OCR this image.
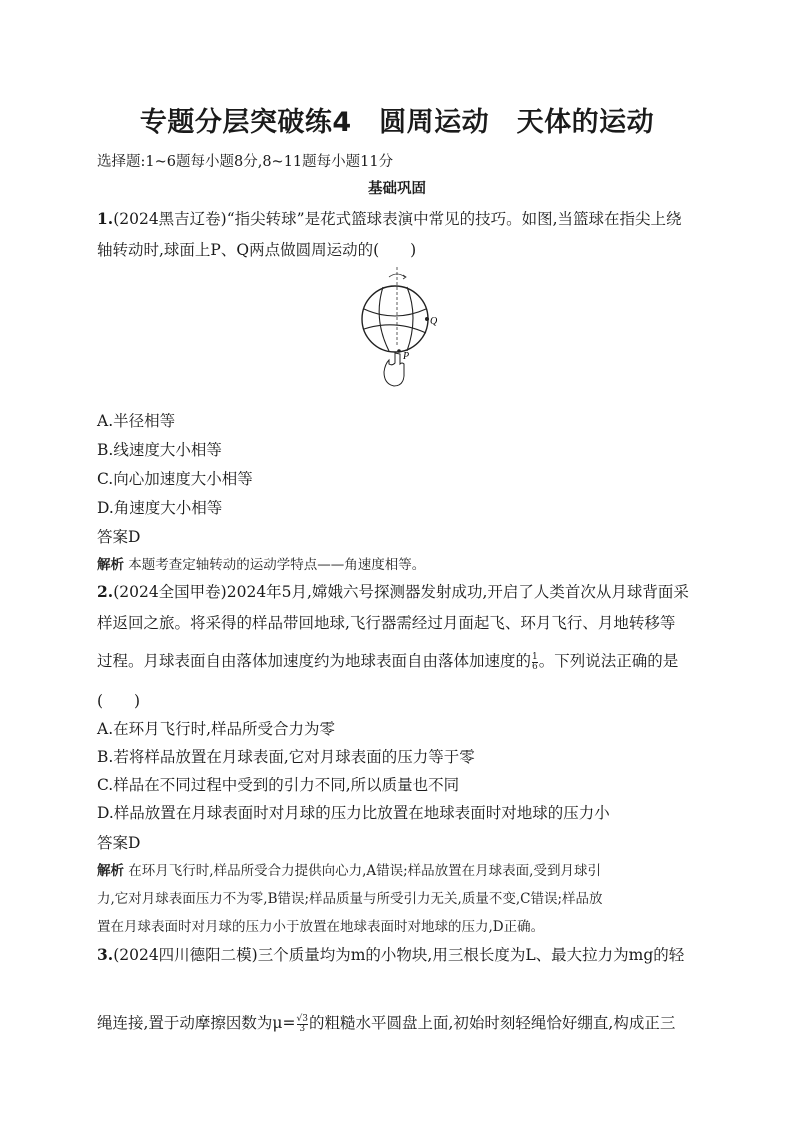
专题分层突破练4　圆周运动　天体的运动
选择题:1~6题每小题8分,8~11题每小题11分
基础巩固
1.(2024黑吉辽卷)“指尖转球”是花式篮球表演中常见的技巧。如图,当篮球在指尖上绕
轴转动时,球面上P、Q两点做圆周运动的(　　)
Q
P
A.半径相等
B.线速度大小相等
C.向心加速度大小相等
D.角速度大小相等
答案D
解析 本题考查定轴转动的运动学特点——角速度相等。
2.(2024全国甲卷)2024年5月,嫦娥六号探测器发射成功,开启了人类首次从月球背面采
样返回之旅。将采得的样品带回地球,飞行器需经过月面起飞、环月飞行、月地转移等
过程。月球表面自由落体加速度约为地球表面自由落体加速度的 $\frac{1}{6}$ 。下列说法正确的是
(　　)
A.在环月飞行时,样品所受合力为零
B.若将样品放置在月球表面,它对月球表面的压力等于零
C.样品在不同过程中受到的引力不同,所以质量也不同
D.样品放置在月球表面时对月球的压力比放置在地球表面时对地球的压力小
答案D
解析 在环月飞行时,样品所受合力提供向心力,A错误;样品放置在月球表面,受到月球引
力,它对月球表面压力不为零,B错误;样品质量与所受引力无关,质量不变,C错误;样品放
置在月球表面时对月球的压力小于放置在地球表面时对地球的压力,D正确。
3.(2024四川德阳二模)三个质量均为m的小物块,用三根长度为L、最大拉力为mg的轻
绳连接,置于动摩擦因数为$\mu= \frac{√3}{3}$ 的粗糙水平圆盘上面,初始时刻轻绳恰好绷直,构成正三
